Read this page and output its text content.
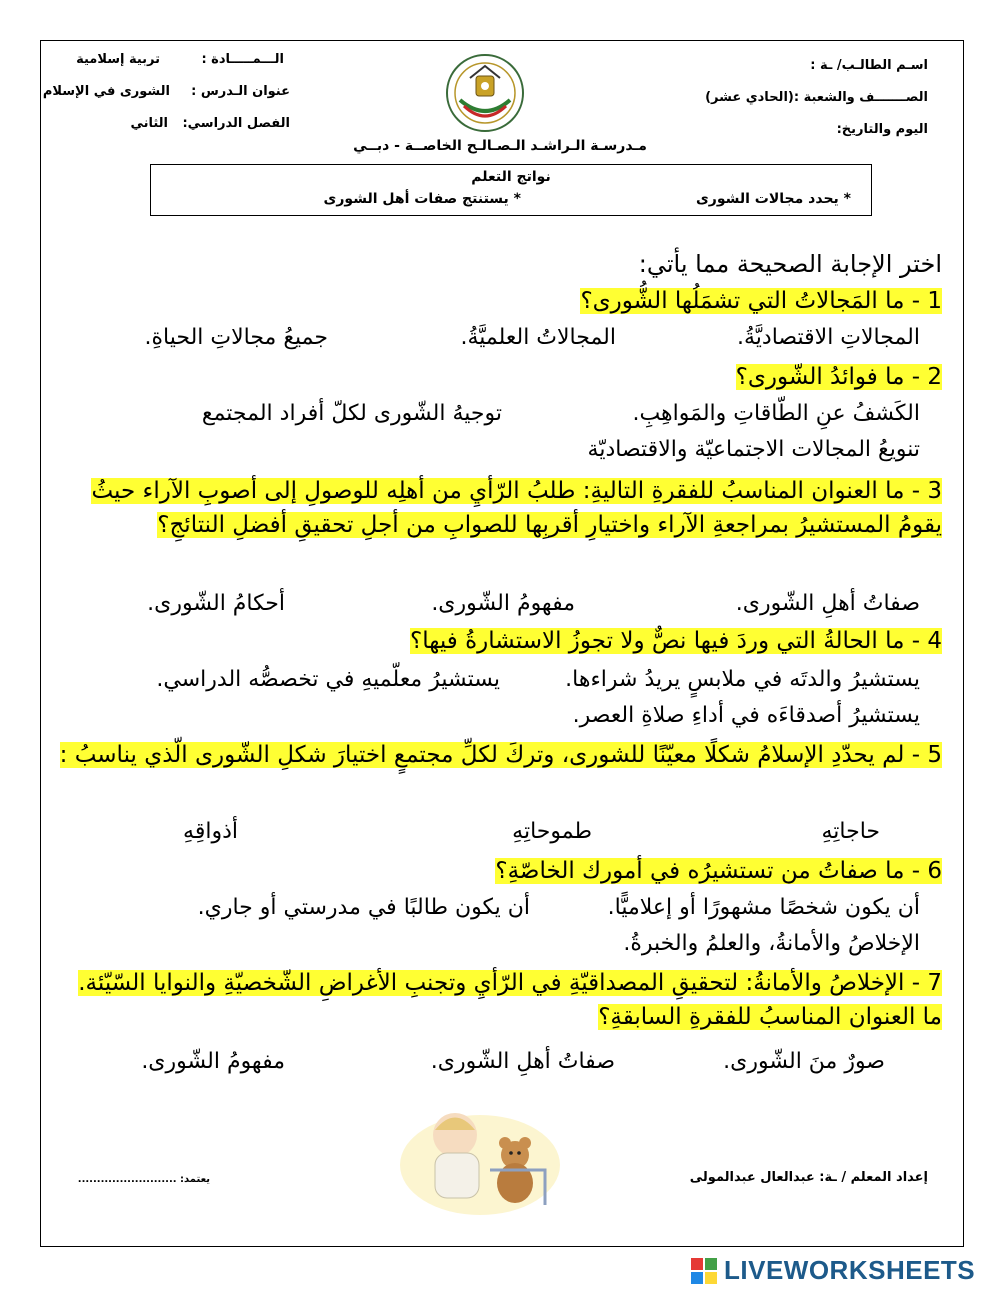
اسـم الطالـب/ ـة :
الصـــــــف والشعبة :(الحادي عشر)
اليوم والتاريخ:
الـــمـــــادة :
تربية إسلامية
عنوان الـدرس :
الشورى في الإسلام
الفصل الدراسي:
الثاني
مـدرسـة الـراشـد الـصـالـح الخاصــة - دبــي
نواتج التعلم
* يحدد مجالات الشورى
* يستنتج صفات أهل الشورى
اختر الإجابة الصحيحة مما يأتي:
1 - ما المَجالاتُ التي تشمَلُها الشُّورى؟
المجالاتِ الاقتصاديَّةُ.
المجالاتُ العلميَّةُ.
جميعُ مجالاتِ الحياةِ.
2 - ما فوائدُ الشّورى؟
الكَشفُ عنِ الطّاقاتِ والمَواهِبِ.
توجيهُ الشّورى لكلّ أفراد المجتمع
تنويعُ المجالات الاجتماعيّة والاقتصاديّة
3 - ما العنوان المناسبُ للفقرةِ التاليةِ: طلبُ الرّأيِ من أهلِه للوصولِ إلى أصوبِ الآراء حيثُ يقومُ المستشيرُ بمراجعةِ الآراء واختيارِ أقربِها للصوابِ من أجلِ تحقيقِ أفضلِ النتائجِ؟
صفاتُ أهلِ الشّورى.
مفهومُ الشّورى.
أحكامُ الشّورى.
4 - ما الحالةُ التي وردَ فيها نصٌّ ولا تجوزُ الاستشارةُ فيها؟
يستشيرُ والدتَه في ملابسٍ يريدُ شراءها.
يستشيرُ معلّميهِ في تخصصُّه الدراسي.
يستشيرُ أصدقاءَه في أداءِ صلاةِ العصر.
5 - لم يحدّدِ الإسلامُ شكلًا معيّنًا للشورى، وتركَ لكلِّ مجتمعٍ اختيارَ شكلِ الشّورى الّذي يناسبُ :
حاجاتِهِ
طموحاتِهِ
أذواقِهِ
6 - ما صفاتُ من تستشيرُه في أمورك الخاصّةِ؟
أن يكون شخصًا مشهورًا أو إعلاميًّا.
أن يكون طالبًا في مدرستي أو جاري.
الإخلاصُ والأمانةُ، والعلمُ والخبرةُ.
7 - الإخلاصُ والأمانةُ: لتحقيقِ المصداقيّةِ في الرّأيِ وتجنبِ الأغراضِ الشّخصيّةِ والنوايا السّيّئة. ما العنوان المناسبُ للفقرةِ السابقةِ؟
صورٌ منَ الشّورى.
صفاتُ أهلِ الشّورى.
مفهومُ الشّورى.
إعداد المعلم / ـة: عبدالعال عبدالمولى
يعتمد: ..........................
LIVEWORKSHEETS
